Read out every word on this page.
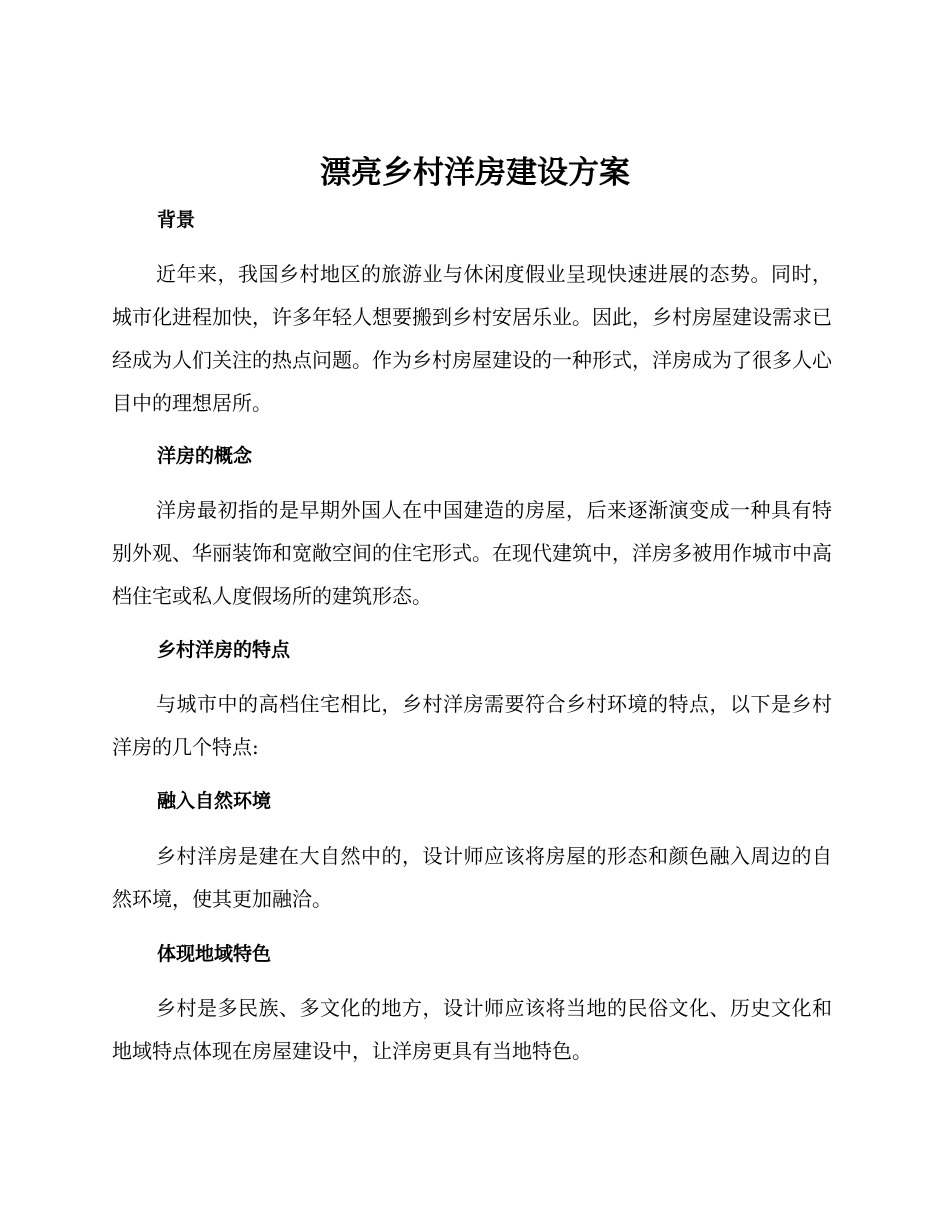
漂亮乡村洋房建设方案
背景

近年来，我国乡村地区的旅游业与休闲度假业呈现快速进展的态势。同时，城市化进程加快，许多年轻人想要搬到乡村安居乐业。因此，乡村房屋建设需求已经成为人们关注的热点问题。作为乡村房屋建设的一种形式，洋房成为了很多人心目中的理想居所。

洋房的概念

洋房最初指的是早期外国人在中国建造的房屋，后来逐渐演变成一种具有特别外观、华丽装饰和宽敞空间的住宅形式。在现代建筑中，洋房多被用作城市中高档住宅或私人度假场所的建筑形态。

乡村洋房的特点

与城市中的高档住宅相比，乡村洋房需要符合乡村环境的特点，以下是乡村洋房的几个特点:

融入自然环境

乡村洋房是建在大自然中的，设计师应该将房屋的形态和颜色融入周边的自然环境，使其更加融洽。

体现地域特色

乡村是多民族、多文化的地方，设计师应该将当地的民俗文化、历史文化和地域特点体现在房屋建设中，让洋房更具有当地特色。
